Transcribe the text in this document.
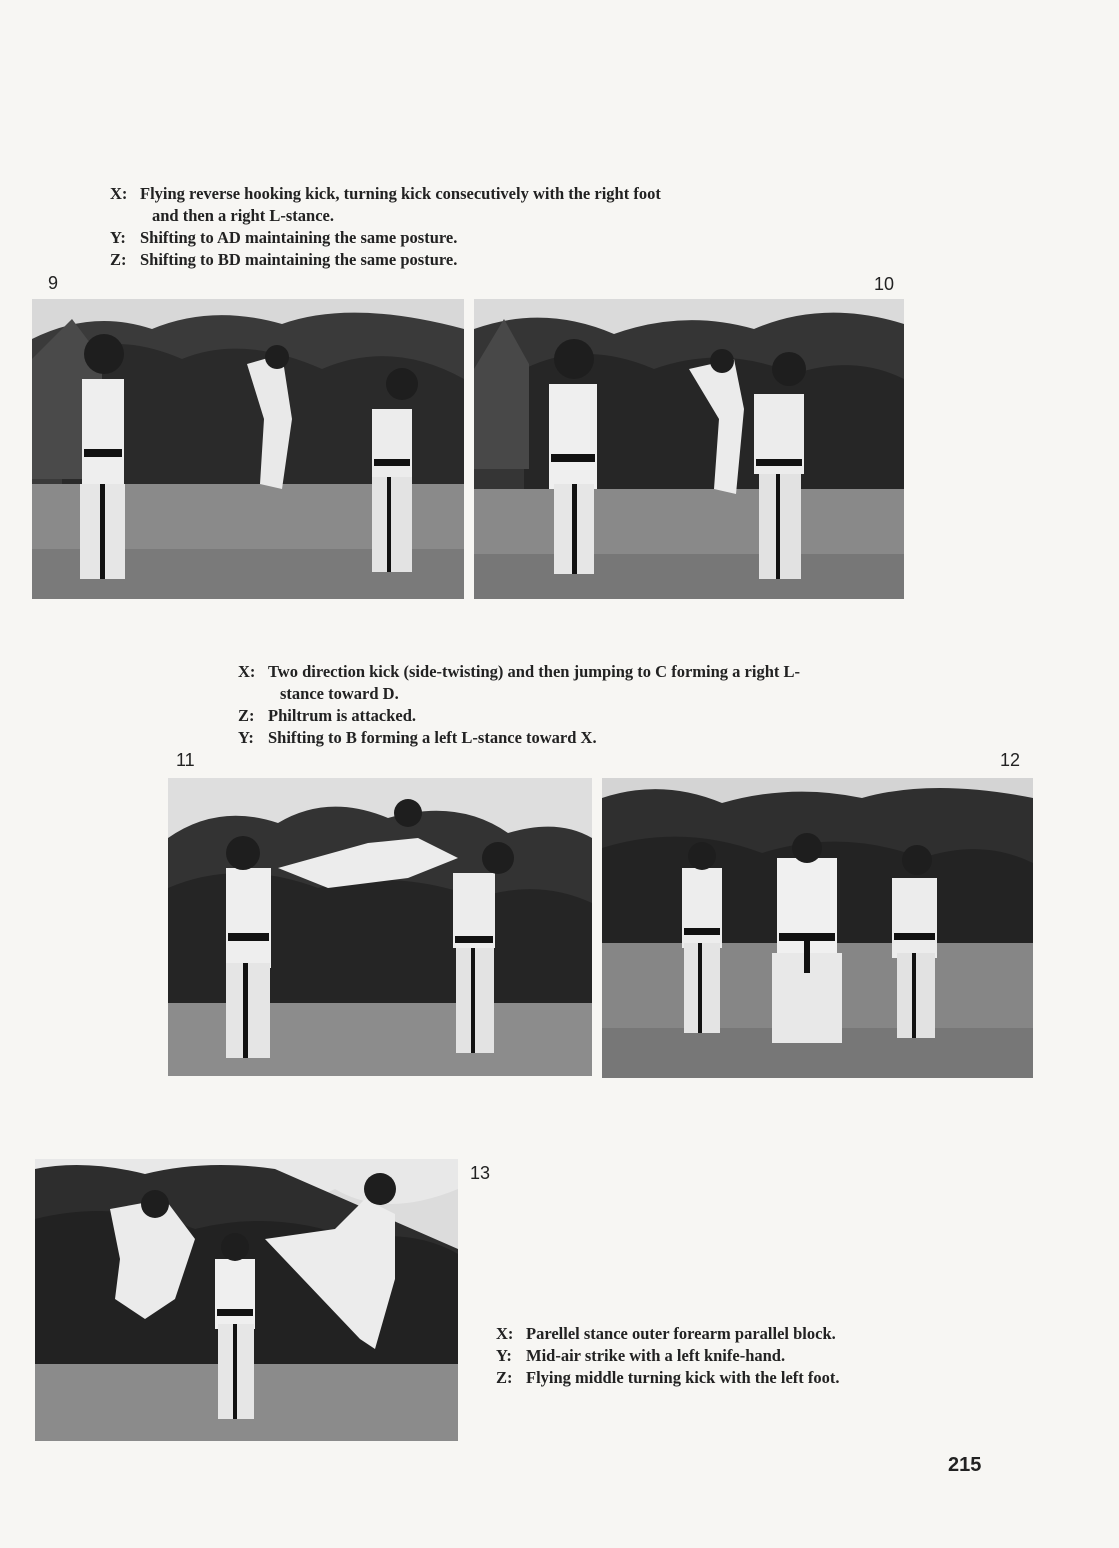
X: Flying reverse hooking kick, turning kick consecutively with the right foot
and then a right L-stance.
Y: Shifting to AD maintaining the same posture.
Z: Shifting to BD maintaining the same posture.
9	10
X: Two direction kick (side-twisting) and then jumping to C forming a right L-
stance toward D.
Z: Philtrum is attacked.
Y: Shifting to B forming a left L-stance toward X.
11	12
13
X: Parellel stance outer forearm parallel block.
Y: Mid-air strike with a left knife-hand.
Z: Flying middle turning kick with the left foot.
215
